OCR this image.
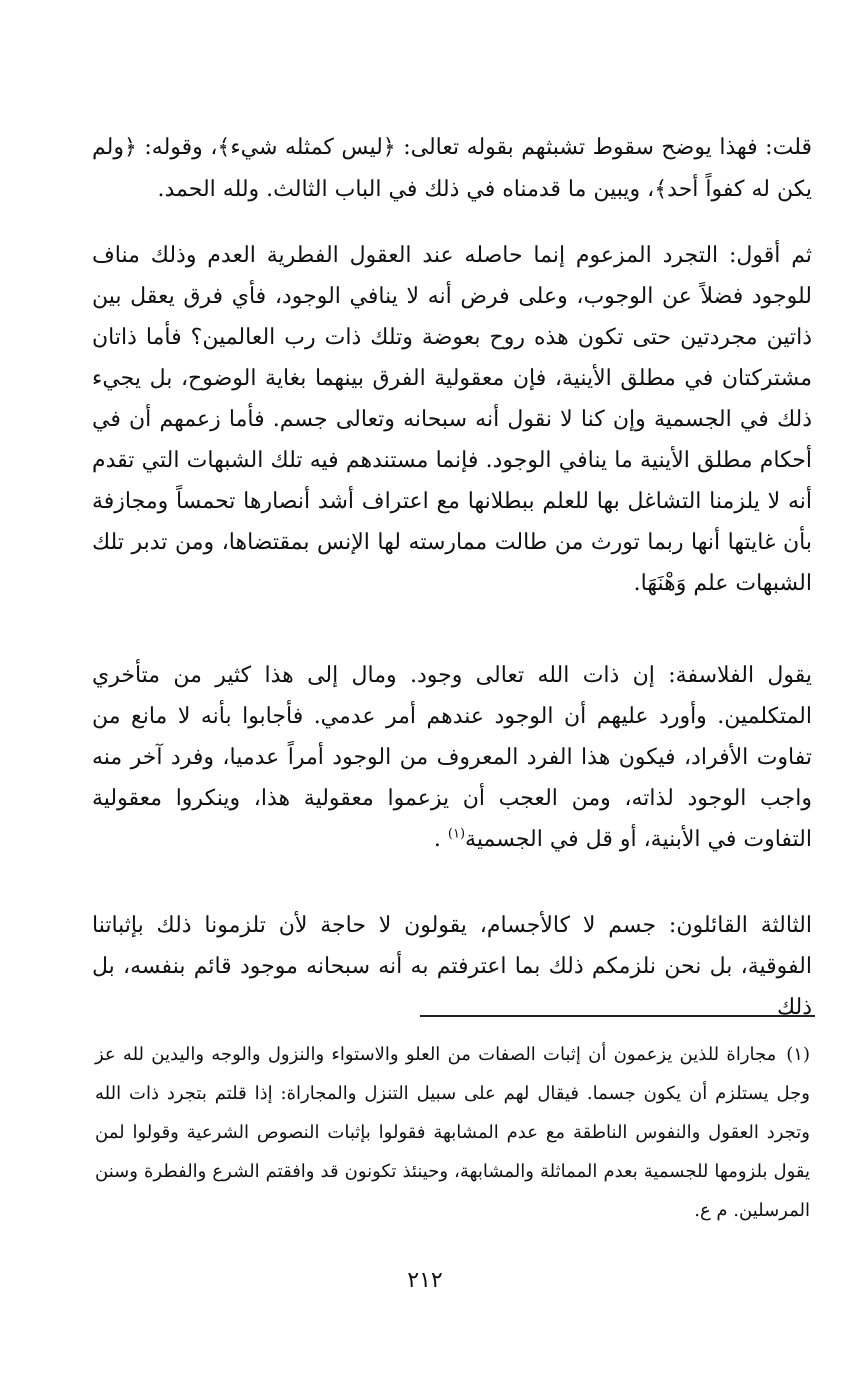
قلت: فهذا يوضح سقوط تشبثهم بقوله تعالى: ﴿ليس كمثله شيء﴾، وقوله: ﴿ولم يكن له كفواً أحد﴾، ويبين ما قدمناه في ذلك في الباب الثالث. ولله الحمد.

ثم أقول: التجرد المزعوم إنما حاصله عند العقول الفطرية العدم وذلك مناف للوجود فضلاً عن الوجوب، وعلى فرض أنه لا ينافي الوجود، فأي فرق يعقل بين ذاتين مجردتين حتى تكون هذه روح بعوضة وتلك ذات رب العالمين؟ فأما ذاتان مشتركتان في مطلق الأينية، فإن معقولية الفرق بينهما بغاية الوضوح، بل يجيء ذلك في الجسمية وإن كنا لا نقول أنه سبحانه وتعالى جسم. فأما زعمهم أن في أحكام مطلق الأينية ما ينافي الوجود. فإنما مستندهم فيه تلك الشبهات التي تقدم أنه لا يلزمنا التشاغل بها للعلم ببطلانها مع اعتراف أشد أنصارها تحمساً ومجازفة بأن غايتها أنها ربما تورث من طالت ممارسته لها الإنس بمقتضاها، ومن تدبر تلك الشبهات علم وَهْنَهَا.

يقول الفلاسفة: إن ذات الله تعالى وجود. ومال إلى هذا كثير من متأخري المتكلمين. وأورد عليهم أن الوجود عندهم أمر عدمي. فأجابوا بأنه لا مانع من تفاوت الأفراد، فيكون هذا الفرد المعروف من الوجود أمراً عدميا، وفرد آخر منه واجب الوجود لذاته، ومن العجب أن يزعموا معقولية هذا، وينكروا معقولية التفاوت في الأبنية، أو قل في الجسمية$^{(١)}$ .

الثالثة القائلون: جسم لا كالأجسام، يقولون لا حاجة لأن تلزمونا ذلك بإثباتنا الفوقية، بل نحن نلزمكم ذلك بما اعترفتم به أنه سبحانه موجود قائم بنفسه، بل ذلك

(١)مجاراة للذين يزعمون أن إثبات الصفات من العلو والاستواء والنزول والوجه واليدين لله عز وجل يستلزم أن يكون جسما. فيقال لهم على سبيل التنزل والمجاراة: إذا قلتم بتجرد ذات الله وتجرد العقول والنفوس الناطقة مع عدم المشابهة فقولوا بإثبات النصوص الشرعية وقولوا لمن يقول بلزومها للجسمية بعدم المماثلة والمشابهة، وحينئذ تكونون قد وافقتم الشرع والفطرة وسنن المرسلين. م ع.

٢١٢
